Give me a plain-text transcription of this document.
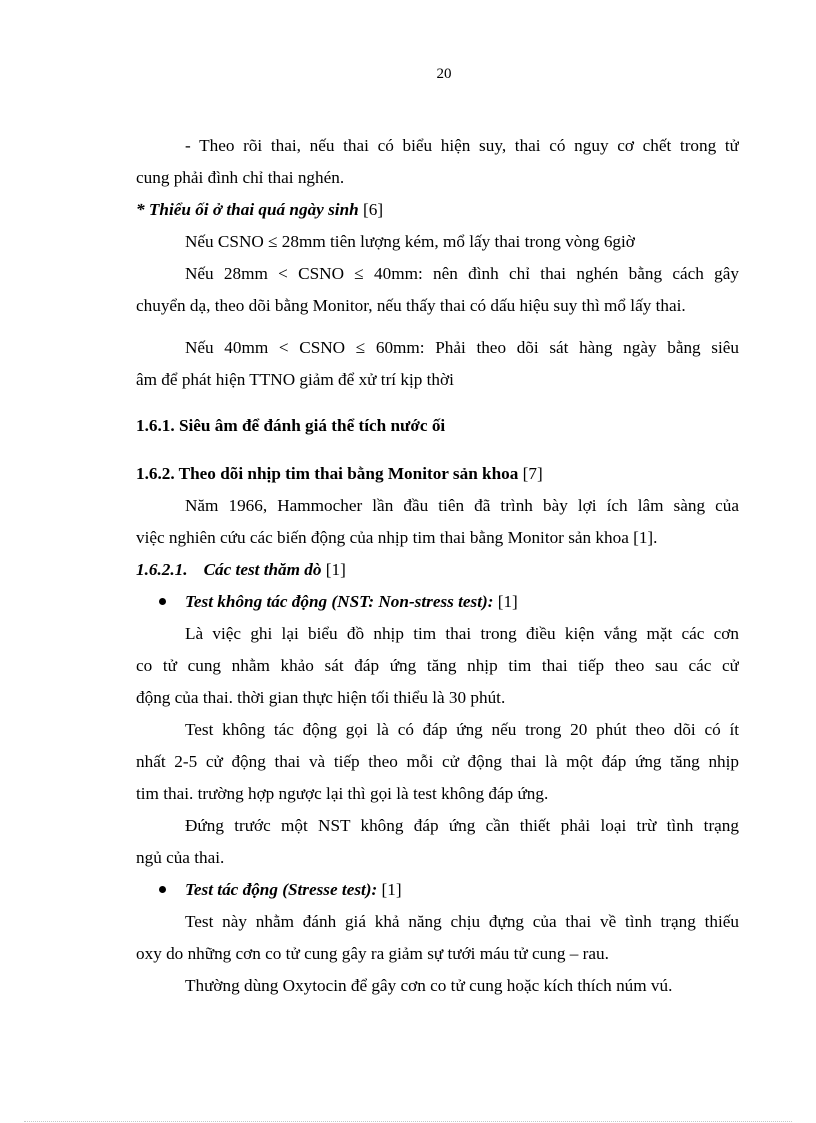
20
- Theo rõi thai, nếu thai có biểu hiện suy, thai có nguy cơ chết trong tử
cung phải đình chỉ thai nghén.
* Thiểu ối ở thai quá ngày sinh [6]
Nếu CSNO ≤ 28mm tiên lượng kém, mổ lấy thai trong vòng 6giờ
Nếu 28mm < CSNO ≤ 40mm: nên đình chỉ thai nghén bằng cách gây
chuyển dạ, theo dõi bằng Monitor, nếu thấy thai có dấu hiệu suy thì mổ lấy thai.
Nếu 40mm < CSNO ≤ 60mm: Phải theo dõi sát hàng ngày bằng siêu
âm để phát hiện TTNO giảm để xử trí kịp thời
1.6.1. Siêu âm để đánh giá thể tích nước ối
1.6.2. Theo dõi nhịp tim thai bằng Monitor sản khoa [7]
Năm 1966, Hammocher lần đầu tiên đã trình bày lợi ích lâm sàng của
việc nghiên cứu các biến động của nhịp tim thai bằng Monitor sản khoa [1].
1.6.2.1. Các test thăm dò [1]
Test không tác động (NST: Non-stress test): [1]
Là việc ghi lại biểu đồ nhịp tim thai trong điều kiện vắng mặt các cơn
co tử cung nhằm khảo sát đáp ứng tăng nhịp tim thai tiếp theo sau các cử
động của thai. thời gian thực hiện tối thiểu là 30 phút.
Test không tác động gọi là có đáp ứng nếu trong 20 phút theo dõi có ít
nhất 2-5 cử động thai và tiếp theo mỗi cử động thai là một đáp ứng tăng nhịp
tim thai. trường hợp ngược lại thì gọi là test không đáp ứng.
Đứng trước một NST không đáp ứng cần thiết phải loại trừ tình trạng
ngủ của thai.
Test tác động (Stresse test): [1]
Test này nhằm đánh giá khả năng chịu đựng của thai về tình trạng thiếu
oxy do những cơn co tử cung gây ra giảm sự tưới máu tử cung – rau.
Thường dùng Oxytocin để gây cơn co tử cung hoặc kích thích núm vú.
